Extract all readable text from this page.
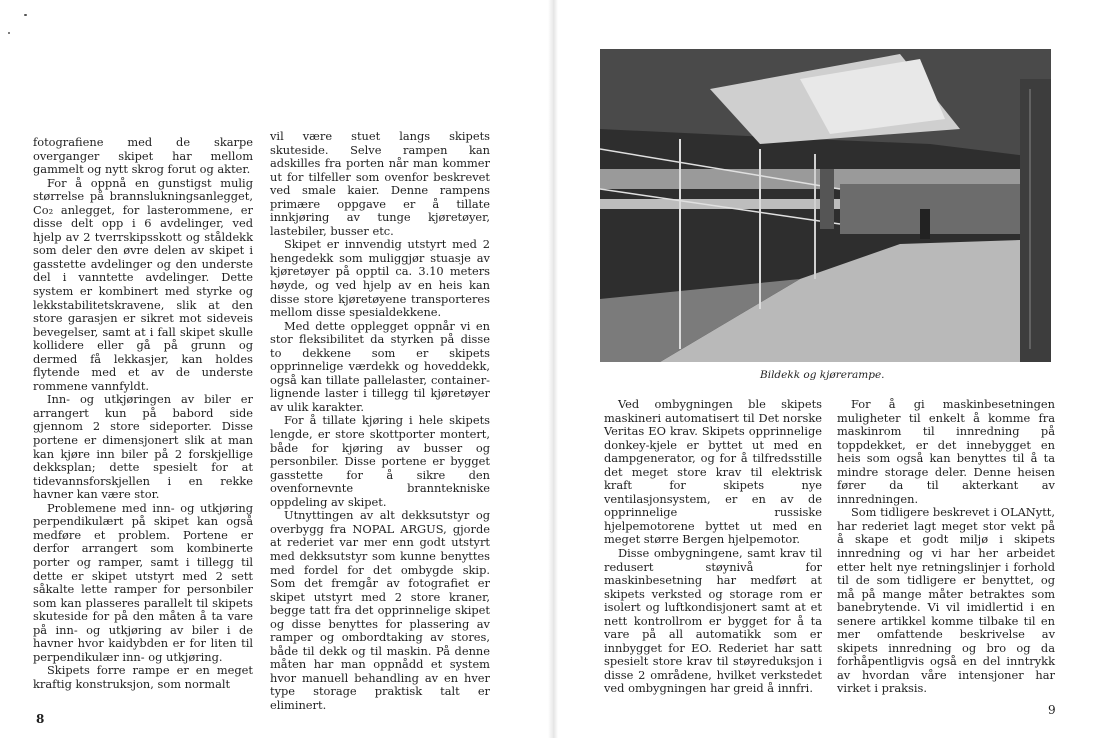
fotografiene med de skarpe overganger skipet har mellom gammelt og nytt skrog forut og akter.

For å oppnå en gunstigst mulig størrelse på brannslukningsanlegget, Co₂ anlegget, for lasterommene, er disse delt opp i 6 avdelinger, ved hjelp av 2 tverrskipsskott og ståldekk som deler den øvre delen av skipet i gasstette avdelinger og den underste del i vanntette avdelinger. Dette system er kombinert med styrke og lekkstabilitetskravene, slik at den store garasjen er sikret mot sideveis bevegelser, samt at i fall skipet skulle kollidere eller gå på grunn og dermed få lekkasjer, kan holdes flytende med et av de underste rommene vannfyldt.

Inn- og utkjøringen av biler er arrangert kun på babord side gjennom 2 store sideporter. Disse portene er dimensjonert slik at man kan kjøre inn biler på 2 forskjellige dekksplan; dette spesielt for at tidevannsforskjellen i en rekke havner kan være stor.

Problemene med inn- og utkjøring perpendikulært på skipet kan også medføre et problem. Portene er derfor arrangert som kombinerte porter og ramper, samt i tillegg til dette er skipet utstyrt med 2 sett såkalte lette ramper for personbiler som kan plasseres parallelt til skipets skuteside for på den måten å ta vare på inn- og utkjøring av biler i de havner hvor kaidybden er for liten til perpendikulær inn- og utkjøring.

Skipets forre rampe er en meget kraftig konstruksjon, som normalt

vil være stuet langs skipets skuteside. Selve rampen kan adskilles fra porten når man kommer ut for tilfeller som ovenfor beskrevet ved smale kaier. Denne rampens primære oppgave er å tillate innkjøring av tunge kjøretøyer, lastebiler, busser etc.

Skipet er innvendig utstyrt med 2 hengedekk som muliggjør stuasje av kjøretøyer på opptil ca. 3.10 meters høyde, og ved hjelp av en heis kan disse store kjøretøyene transporteres mellom disse spesialdekkene.

Med dette opplegget oppnår vi en stor fleksibilitet da styrken på disse to dekkene som er skipets opprinnelige værdekk og hoveddekk, også kan tillate pallelaster, container-lignende laster i tillegg til kjøretøyer av ulik karakter.

For å tillate kjøring i hele skipets lengde, er store skottporter montert, både for kjøring av busser og personbiler. Disse portene er bygget gasstette for å sikre den ovenfornevnte branntekniske oppdeling av skipet.

Utnyttingen av alt dekksutstyr og overbygg fra NOPAL ARGUS, gjorde at rederiet var mer enn godt utstyrt med dekksutstyr som kunne benyttes med fordel for det ombygde skip. Som det fremgår av fotografiet er skipet utstyrt med 2 store kraner, begge tatt fra det opprinnelige skipet og disse benyttes for plassering av ramper og ombordtaking av stores, både til dekk og til maskin. På denne måten har man oppnådd et system hvor manuell behandling av en hver type storage praktisk talt er eliminert.

8
Bildekk og kjørerampe.

Ved ombygningen ble skipets maskineri automatisert til Det norske Veritas EO krav. Skipets opprinnelige donkey-kjele er byttet ut med en dampgenerator, og for å tilfredsstille det meget store krav til elektrisk kraft for skipets nye ventilasjonsystem, er en av de opprinnelige russiske hjelpemotorene byttet ut med en meget større Bergen hjelpemotor.

Disse ombygningene, samt krav til redusert støynivå for maskinbesetning har medført at skipets verksted og storage rom er isolert og luftkondisjonert samt at et nett kontrollrom er bygget for å ta vare på all automatikk som er innbygget for EO. Rederiet har satt spesielt store krav til støyreduksjon i disse 2 områdene, hvilket verkstedet ved ombygningen har greid å innfri.

For å gi maskinbesetningen muligheter til enkelt å komme fra maskinrom til innredning på toppdekket, er det innebygget en heis som også kan benyttes til å ta mindre storage deler. Denne heisen fører da til akterkant av innredningen.

Som tidligere beskrevet i OLANytt, har rederiet lagt meget stor vekt på å skape et godt miljø i skipets innredning og vi har her arbeidet etter helt nye retningslinjer i forhold til de som tidligere er benyttet, og må på mange måter betraktes som banebrytende. Vi vil imidlertid i en senere artikkel komme tilbake til en mer omfattende beskrivelse av skipets innredning og bro og da forhåpentligvis også en del inntrykk av hvordan våre intensjoner har virket i praksis.

9
